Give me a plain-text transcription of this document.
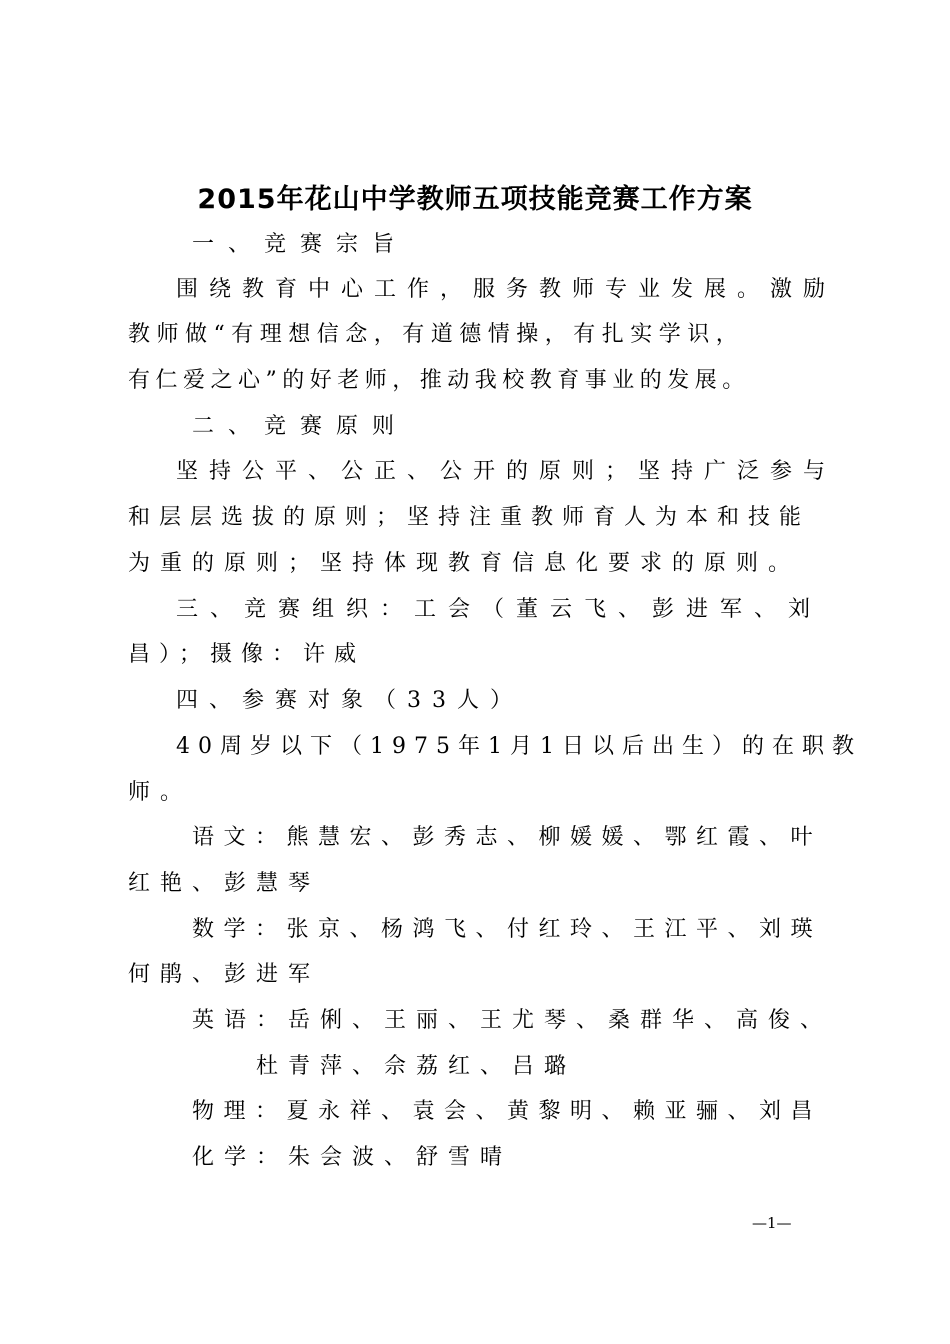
2015年花山中学教师五项技能竞赛工作方案
一、竞赛宗旨
围绕教育中心工作，服务教师专业发展。激励
教师做“有理想信念，有道德情操，有扎实学识，
有仁爱之心”的好老师，推动我校教育事业的发展。
二、竞赛原则
坚持公平、公正、公开的原则；坚持广泛参与
和层层选拔的原则；坚持注重教师育人为本和技能
为重的原则；坚持体现教育信息化要求的原则。
三、竞赛组织：工会（董云飞、彭进军、刘
昌）；摄像：许威
四、参赛对象（33人）
40周岁以下（1975年1月1日以后出生）的在职教
师。
语文：熊慧宏、彭秀志、柳媛媛、鄂红霞、叶
红艳、彭慧琴
数学：张京、杨鸿飞、付红玲、王江平、刘瑛
何鹃、彭进军
英语：岳俐、王丽、王尤琴、桑群华、高俊、
杜青萍、佘荔红、吕璐
物理：夏永祥、袁会、黄黎明、赖亚骊、刘昌
化学：朱会波、舒雪晴
—1—
